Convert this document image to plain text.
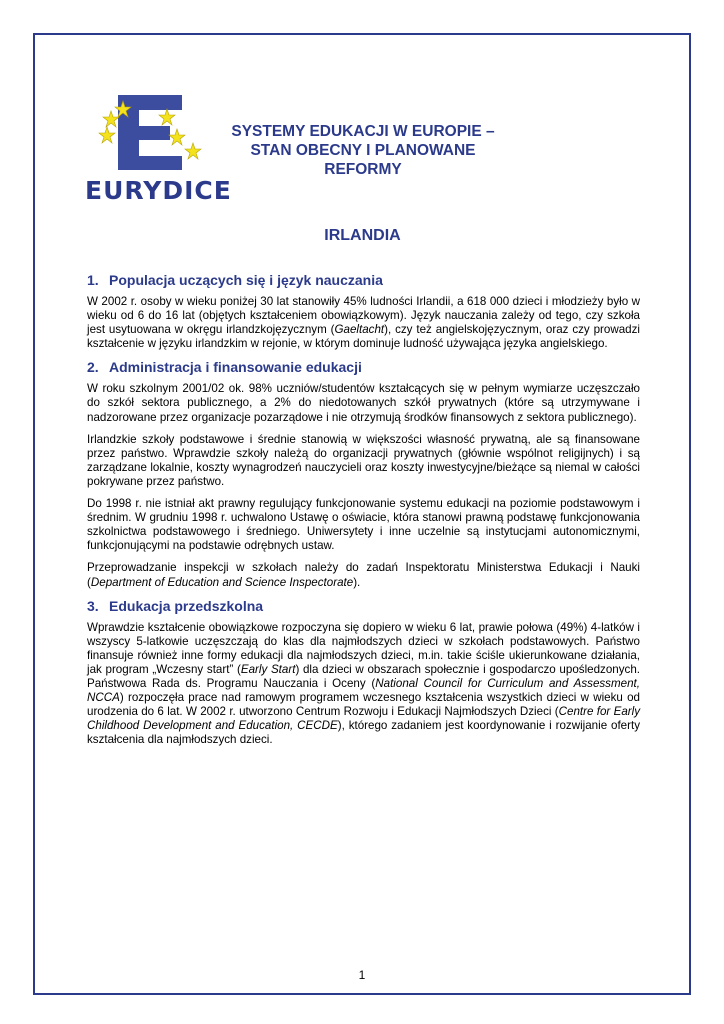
EURYDICE
SYSTEMY EDUKACJI W EUROPIE – STAN OBECNY I PLANOWANE REFORMY
IRLANDIA
1. Populacja uczących się i język nauczania

W 2002 r. osoby w wieku poniżej 30 lat stanowiły 45% ludności Irlandii, a 618 000 dzieci i młodzieży było w wieku od 6 do 16 lat (objętych kształceniem obowiązkowym). Język nauczania zależy od tego, czy szkoła jest usytuowana w okręgu irlandzkojęzycznym (Gaeltacht), czy też angielskojęzycznym, oraz czy prowadzi kształcenie w języku irlandzkim w rejonie, w którym dominuje ludność używająca języka angielskiego.

2. Administracja i finansowanie edukacji

W roku szkolnym 2001/02 ok. 98% uczniów/studentów kształcących się w pełnym wymiarze uczęszczało do szkół sektora publicznego, a 2% do niedotowanych szkół prywatnych (które są utrzymywane i nadzorowane przez organizacje pozarządowe i nie otrzymują środków finansowych z sektora publicznego).

Irlandzkie szkoły podstawowe i średnie stanowią w większości własność prywatną, ale są finansowane przez państwo. Wprawdzie szkoły należą do organizacji prywatnych (głównie wspólnot religijnych) i są zarządzane lokalnie, koszty wynagrodzeń nauczycieli oraz koszty inwestycyjne/bieżące są niemal w całości pokrywane przez państwo.

Do 1998 r. nie istniał akt prawny regulujący funkcjonowanie systemu edukacji na poziomie podstawowym i średnim. W grudniu 1998 r. uchwalono Ustawę o oświacie, która stanowi prawną podstawę funkcjonowania szkolnictwa podstawowego i średniego. Uniwersytety i inne uczelnie są instytucjami autonomicznymi, funkcjonującymi na podstawie odrębnych ustaw.

Przeprowadzanie inspekcji w szkołach należy do zadań Inspektoratu Ministerstwa Edukacji i Nauki (Department of Education and Science Inspectorate).

3. Edukacja przedszkolna

Wprawdzie kształcenie obowiązkowe rozpoczyna się dopiero w wieku 6 lat, prawie połowa (49%) 4-latków i wszyscy 5-latkowie uczęszczają do klas dla najmłodszych dzieci w szkołach podstawowych. Państwo finansuje również inne formy edukacji dla najmłodszych dzieci, m.in. takie ściśle ukierunkowane działania, jak program „Wczesny start” (Early Start) dla dzieci w obszarach społecznie i gospodarczo upośledzonych. Państwowa Rada ds. Programu Nauczania i Oceny (National Council for Curriculum and Assessment, NCCA) rozpoczęła prace nad ramowym programem wczesnego kształcenia wszystkich dzieci w wieku od urodzenia do 6 lat. W 2002 r. utworzono Centrum Rozwoju i Edukacji Najmłodszych Dzieci (Centre for Early Childhood Development and Education, CECDE), którego zadaniem jest koordynowanie i rozwijanie oferty kształcenia dla najmłodszych dzieci.

1
